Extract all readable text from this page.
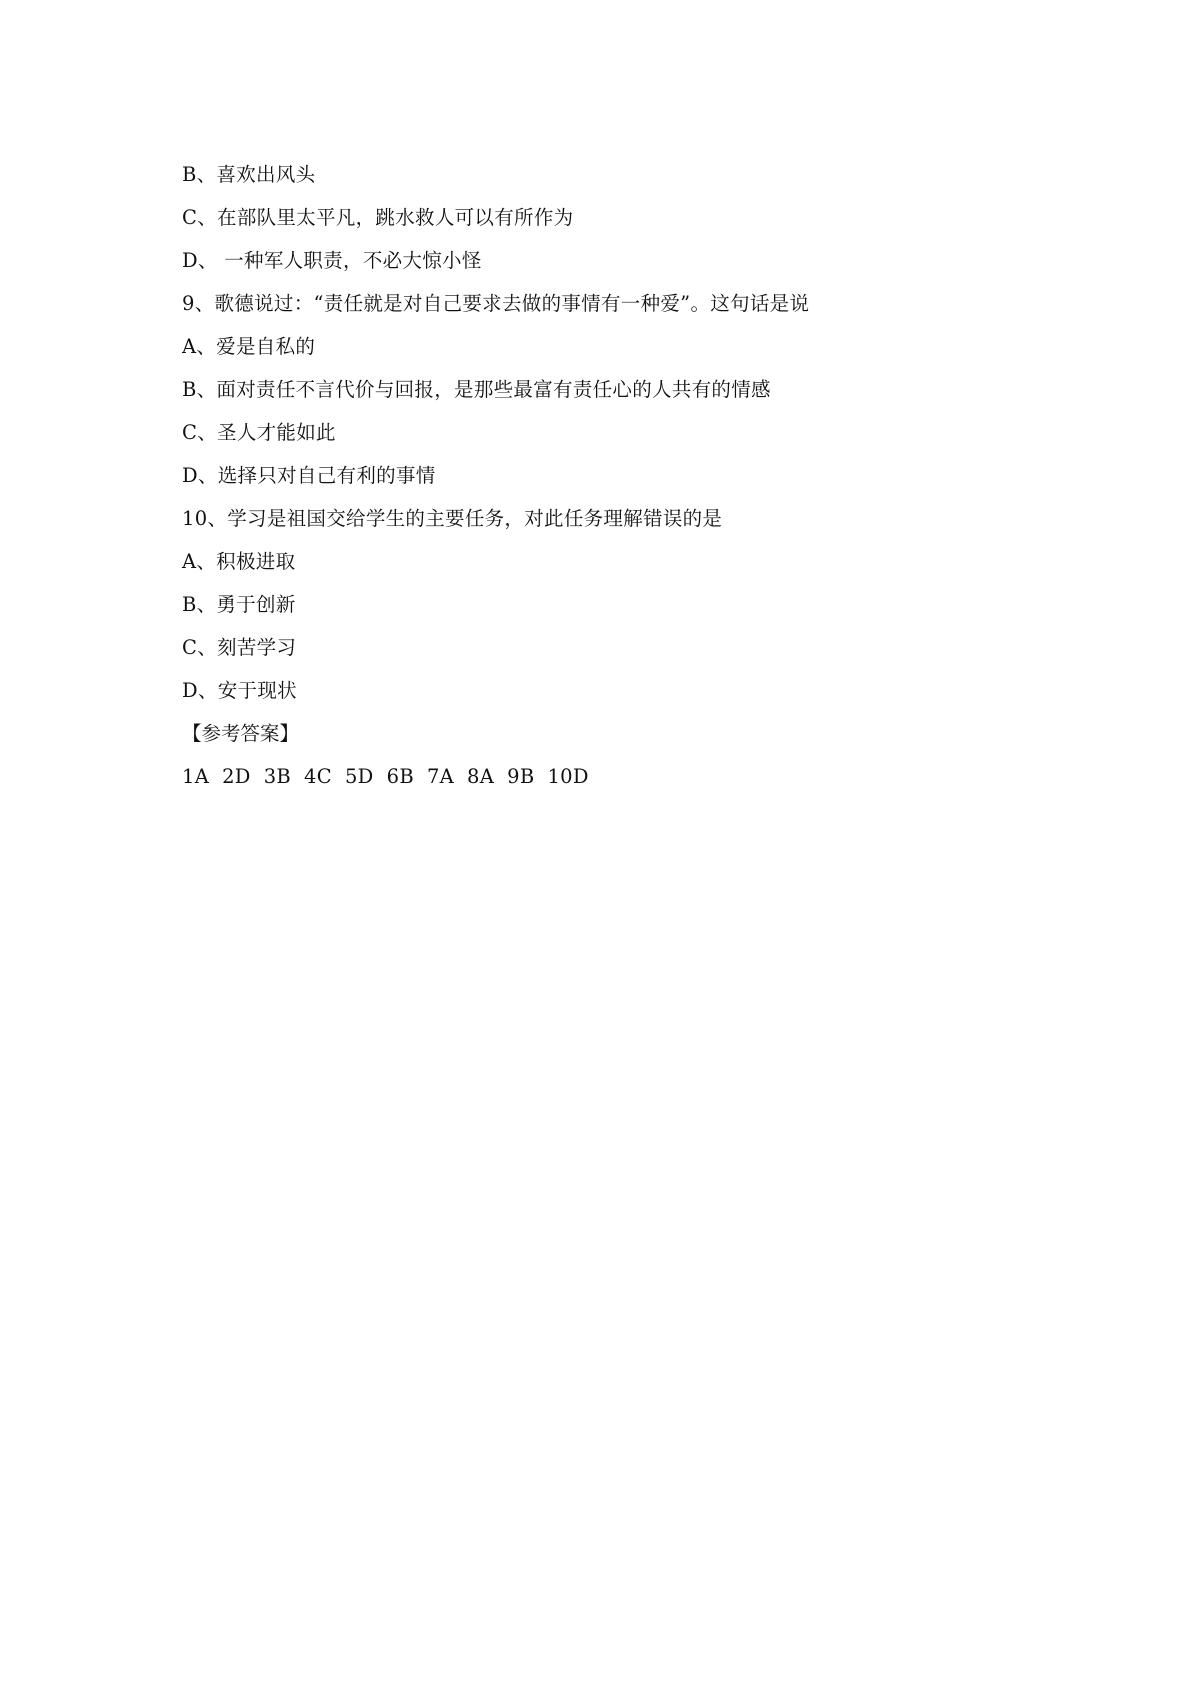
B、喜欢出风头
C、在部队里太平凡，跳水救人可以有所作为
D、 一种军人职责，不必大惊小怪
9、歌德说过：“责任就是对自己要求去做的事情有一种爱”。这句话是说
A、爱是自私的
B、面对责任不言代价与回报，是那些最富有责任心的人共有的情感
C、圣人才能如此
D、选择只对自己有利的事情
10、学习是祖国交给学生的主要任务，对此任务理解错误的是
A、积极进取
B、勇于创新
C、刻苦学习
D、安于现状
【参考答案】
1A  2D  3B  4C  5D  6B  7A  8A  9B  10D
